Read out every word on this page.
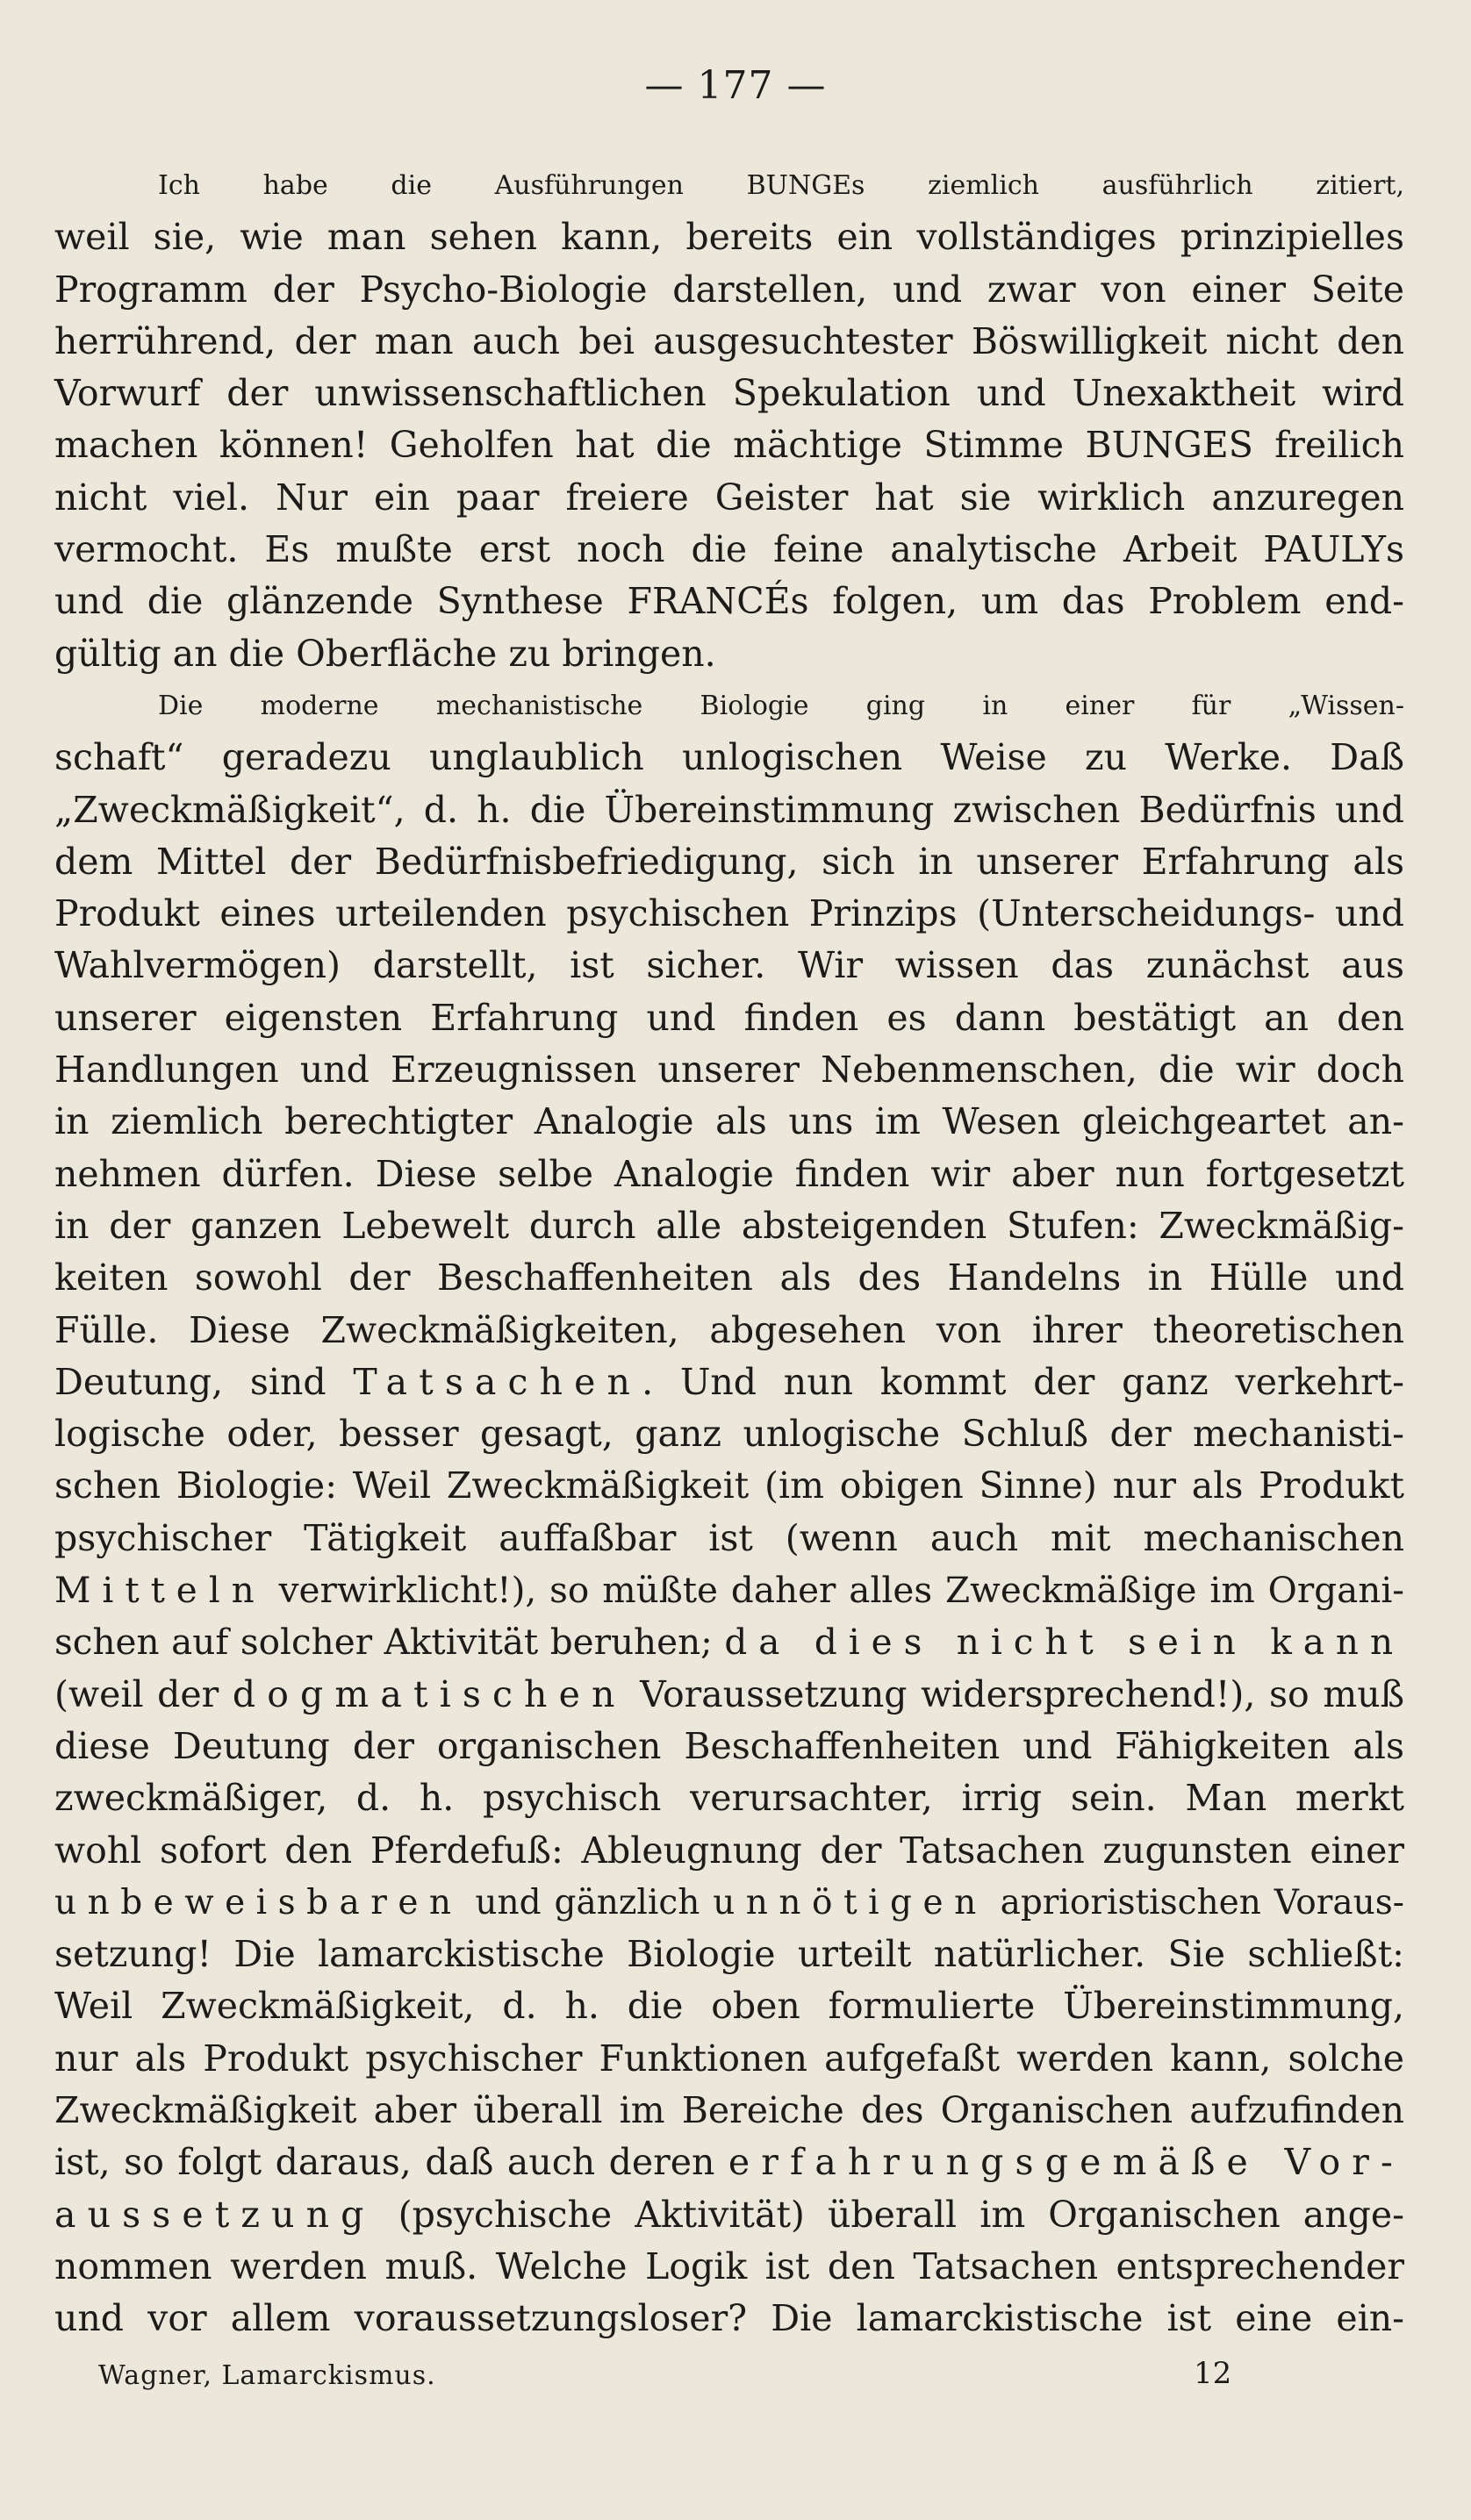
— 177 —

Ich habe die Ausführungen BUNGEs ziemlich ausführlich zitiert,
weil sie, wie man sehen kann, bereits ein vollständiges prinzipielles
Programm der Psycho-Biologie darstellen, und zwar von einer Seite
herrührend, der man auch bei ausgesuchtester Böswilligkeit nicht den
Vorwurf der unwissenschaftlichen Spekulation und Unexaktheit wird
machen können! Geholfen hat die mächtige Stimme BUNGES freilich
nicht viel. Nur ein paar freiere Geister hat sie wirklich anzuregen
vermocht. Es mußte erst noch die feine analytische Arbeit PAULYs
und die glänzende Synthese FRANCÉs folgen, um das Problem end-
gültig an die Oberfläche zu bringen.

Die moderne mechanistische Biologie ging in einer für „Wissen-
schaft“ geradezu unglaublich unlogischen Weise zu Werke. Daß
„Zweckmäßigkeit“, d. h. die Übereinstimmung zwischen Bedürfnis und
dem Mittel der Bedürfnisbefriedigung, sich in unserer Erfahrung als
Produkt eines urteilenden psychischen Prinzips (Unterscheidungs- und
Wahlvermögen) darstellt, ist sicher. Wir wissen das zunächst aus
unserer eigensten Erfahrung und finden es dann bestätigt an den
Handlungen und Erzeugnissen unserer Nebenmenschen, die wir doch
in ziemlich berechtigter Analogie als uns im Wesen gleichgeartet an-
nehmen dürfen. Diese selbe Analogie finden wir aber nun fortgesetzt
in der ganzen Lebewelt durch alle absteigenden Stufen: Zweckmäßig-
keiten sowohl der Beschaffenheiten als des Handelns in Hülle und
Fülle. Diese Zweckmäßigkeiten, abgesehen von ihrer theoretischen
Deutung, sind Tatsachen. Und nun kommt der ganz verkehrt-
logische oder, besser gesagt, ganz unlogische Schluß der mechanisti-
schen Biologie: Weil Zweckmäßigkeit (im obigen Sinne) nur als Produkt
psychischer Tätigkeit auffaßbar ist (wenn auch mit mechanischen
Mitteln verwirklicht!), so müßte daher alles Zweckmäßige im Organi-
schen auf solcher Aktivität beruhen; da dies nicht sein kann
(weil der dogmatischen Voraussetzung widersprechend!), so muß
diese Deutung der organischen Beschaffenheiten und Fähigkeiten als
zweckmäßiger, d. h. psychisch verursachter, irrig sein. Man merkt
wohl sofort den Pferdefuß: Ableugnung der Tatsachen zugunsten einer
unbeweisbaren und gänzlich unnötigen aprioristischen Voraus-
setzung! Die lamarckistische Biologie urteilt natürlicher. Sie schließt:
Weil Zweckmäßigkeit, d. h. die oben formulierte Übereinstimmung,
nur als Produkt psychischer Funktionen aufgefaßt werden kann, solche
Zweckmäßigkeit aber überall im Bereiche des Organischen aufzufinden
ist, so folgt daraus, daß auch deren erfahrungsgemäße Vor-
aussetzung (psychische Aktivität) überall im Organischen ange-
nommen werden muß. Welche Logik ist den Tatsachen entsprechender
und vor allem voraussetzungsloser? Die lamarckistische ist eine ein-

Wagner, Lamarckismus.	12
